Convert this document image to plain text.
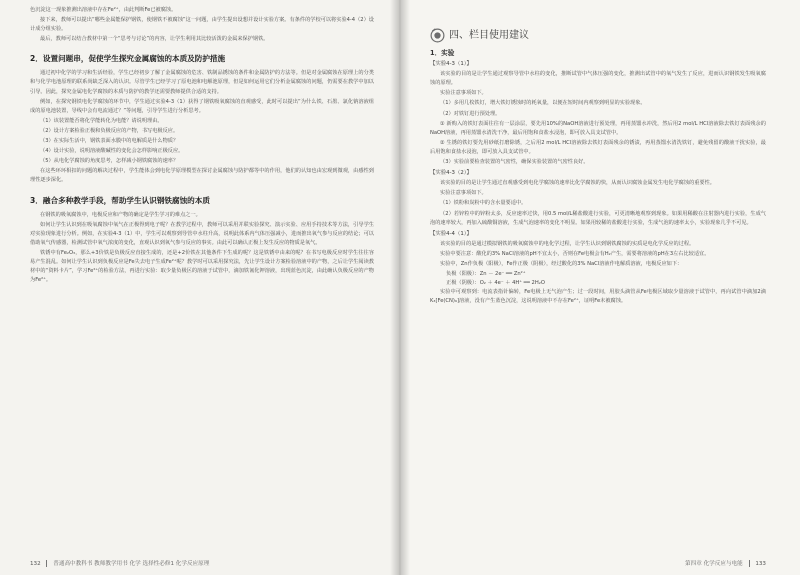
色沉淀这一现象推测出溶液中存在Fe²⁺，由此判断Fe已被腐蚀。

接下来，教师可以提出“哪些金属能保护钢铁，使钢铁不被腐蚀”这一问题，由学生提出设想并设计实验方案。有条件的学校可以将实验4-4（2）设计成分组实验。

最后，教师可以结合教材中第一个“思考与讨论”的内容，让学生利用其比较活泼的金属来保护钢铁。

2．设置问题串，促使学生探究金属腐蚀的本质及防护措施

通过初中化学的学习和生活经验，学生已经初步了解了金属腐蚀的危害、铁制品锈蚀的条件和金属防护的方法等。但是对金属腐蚀在原理上的分类和与化学电池原理的联系尚缺乏深入的认识。尽管学生已经学习了原电池和电解池原理，但是如何运用它们分析金属腐蚀的问题，仍需要在教学中加以引导。因此，探究金属电化学腐蚀的本质与防护的教学还需要教师提供合适的支持。

例如，在探究钢铁电化学腐蚀的环节中，学生通过实验4-3（1）获得了钢铁吸氧腐蚀的直观感受，此时可以提出“为什么铁、石墨、氯化钠溶液组成的原电池装置，导线中会有电流通过？”等问题，引导学生进行分析思考。

（1）该装置能否将化学能转化为电能？请说明理由。

（2）设计方案检验正极和负极反应的产物，书写电极反应。

（3）在实际生活中，钢铁表面水膜中的电解质是什么物质？

（4）设计实验，说明溶液酸碱性的变化会怎样影响正极反应。

（5）从电化学腐蚀的角度思考，怎样减小钢铁腐蚀的速率？

在这些环环相扣的问题的解决过程中，学生能体会到电化学原理模型在探讨金属腐蚀与防护都等中的作用，他们的认知也由宏观到微观，由感性到理性逐步深化。

3．融合多种教学手段，帮助学生认识钢铁腐蚀的本质

在钢铁的吸氧腐蚀中，电极反应和产物的确定是学生学习的难点之一。

如何让学生认识到在吸氧腐蚀中氧气在正极得到电子呢？在教学过程中，教师可以采用并联实验探究、演示实验、应用手持技术等方法，引导学生对实验现象进行分析。例如，在实验4-3（1）中，学生可以观察到导管中水柱升高，说明此体系内气体压强减小，进而推出氧气参与反应的结论；可以借助氧气传感器，检测试管中氧气浓度的变化，直观认识到氧气参与反应的事实。由此可以确认正极上发生反应的物质是氧气。

铁锈中有Fe₂O₃，那么+3价铁是负极反应直接生成的，还是+2价铁在其他条件下生成的呢？这是铁锈中由来的呢？在书写电极反应时学生往往容易产生混乱。如何让学生认识到负极反应是Fe失去电子生成Fe²⁺呢？教学时可以采用探究法，先让学生设计方案检验溶液中的产物，之后让学生阅读教材中的“资料卡片”，学习Fe²⁺的检验方法，再进行实验：取少量负极区的溶液于试管中，滴加铁氰化钾溶液，出现蓝色沉淀，由此确认负极反应的产物为Fe²⁺。

132 普通高中教科书 教师教学用书 化学 选择性必修1 化学反应原理
四、栏目使用建议
1．实验
【实验4-3（1）】

该实验的目的是让学生通过观察导管中水柱的变化，推断试管中气体压强的变化，推测出试管中的氧气发生了反应，进而认识钢铁发生吸氧腐蚀的原理。

实验注意事项如下。

（1）多用几枚铁钉，增大铁钉锈蚀时的耗氧量，以便在短时间内观察到明显的实验现象。

（2）对铁钉进行预处理。

① 新购入的铁钉表面往往有一层涂层，要先用10%的NaOH溶液进行预处理，再用蒸馏水冲洗，然后用2 mol/L HCl溶液除去铁钉表面残余的NaOH溶液，再用蒸馏水清洗干净，最后用饱和食盐水浸泡，即可放入具支试管中。

② 生锈的铁钉要先用砂纸打磨除锈，之后用2 mol/L HCl溶液除去铁钉表面残余的锈渍，再用蒸馏水清洗铁钉，避免残留的酸液干扰实验，最后用饱和食盐水浸泡，即可放入具支试管中。

（3）实验前要检查装置的气密性，确保实验装置的气密性良好。

【实验4-3（2）】

该实验的目的是让学生通过直观感受到电化学腐蚀的速率比化学腐蚀的快，从而认识腐蚀金属发生电化学腐蚀的重要性。

实验注意事项如下。

（1）铁粉和炭粉中的含水量要适中。

（2）若锌粒中的锌粉太多，反应速率过快，用0.5 mol/L稀盐酸进行实验，可更清晰地观察到现象。如果用稀酸在注射器内进行实验，生成气泡的速率较大，再加入硫酸铜溶液，生成气泡速率的变化不明显。如果用较稀的盐酸进行实验，生成气泡的速率太小，实验现象几乎不可见。

【实验4-4（1）】

该实验的目的是通过模拟钢铁的吸氧腐蚀中的电化学过程，让学生认识到钢铁腐蚀的实质是电化学反应的过程。

实验中要注意：酸化的3% NaCl溶液的pH不宜太小，否则在Fe电极会有H₂产生，需要将溶液的pH在3左右比较适宜。

实验中，Zn作负极（阳极），Fe作正极（阴极），经过酸化的3% NaCl溶液作电解质溶液，电极反应如下：

负极（阳极）：Zn － 2e⁻ ══ Zn²⁺

正极（阴极）：O₂ ＋ 4e⁻ ＋ 4H⁺ ══ 2H₂O

实验中可观察到：电流表指针偏转，Fe电极上无气泡产生；过一段时间，用胶头滴管从Fe电极区域取少量溶液于试管中，再向试管中滴加2滴K₃[Fe(CN)₆]溶液，没有产生蓝色沉淀，这说明溶液中不存在Fe²⁺，证明Fe未被腐蚀。

第四章 化学反应与电能 133
